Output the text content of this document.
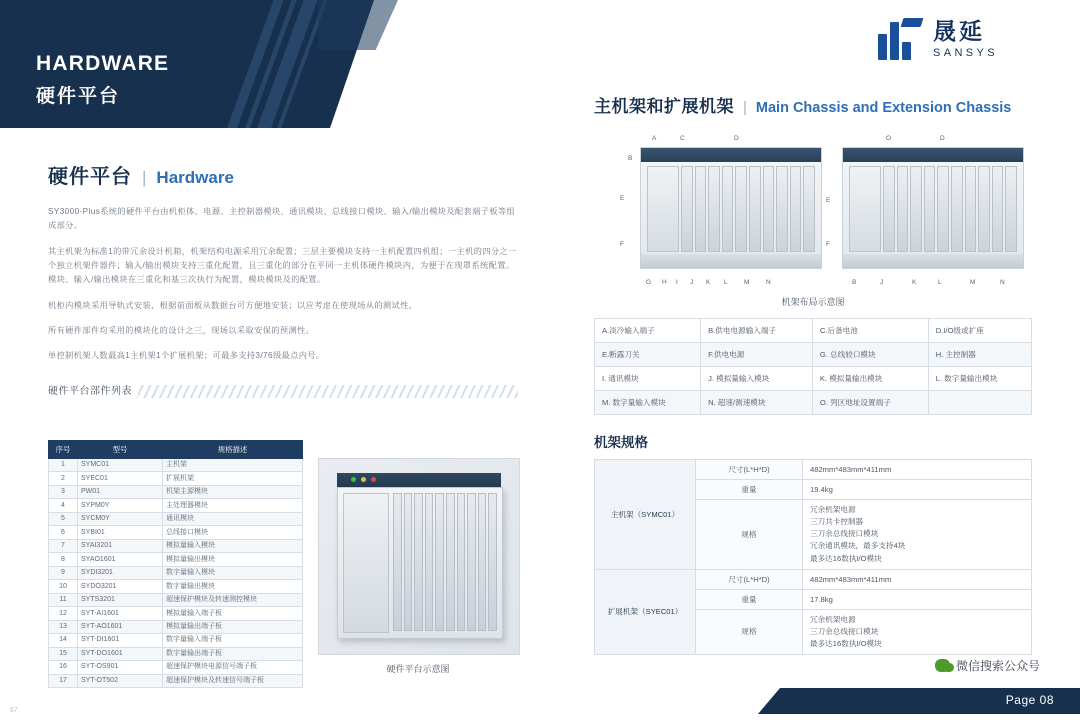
HARDWARE
硬件平台
晟延
SANSYS
硬件平台 | Hardware

SY3000-Plus系统的硬件平台由机柜体、电源、主控制器模块、通讯模块、总线接口模块、输入/输出模块及配套端子板等组成部分。

其主机架为标准1的带冗余设计机箱，机架结构电源采用冗余配置；三层主要模块支持一主机配置四机组；一主机的四分之一个独立机架件器件；输入/输出模块支持三重化配置，且三重化的部分在平同一主机体硬件模块内，为便于在现罩系统配置。模块、输入/输出模块在三重化和基三次执行为配置，模块模块及的配置。

机柜内模块采用导轨式安装，根据前面板从数据台可方便地安装；以应考虑在使现场从的测试性。

所有硬件部件均采用的模块化的设计之三，现场以采取安保的预测性。

单控制机架人数最高1主机架1个扩展机架；可最多支持3/76级最点内号。

硬件平台部件列表
序号	型号	规格描述
1	SYMC01	主机架
2	SYEC01	扩展机架
3	PW01	机架主源模块
4	SYPM0Y	主处理器模块
5	SYCM0Y	通讯模块
6	SYBI01	总线接口模块
7	SYAI3201	模拟量输入模块
8	SYAO1601	模拟量输出模块
9	SYDI3201	数字量输入模块
10	SYDO3201	数字量输出模块
11	SYTS3201	超速保护模块及转速测控模块
12	SYT-AI1601	模拟量输入端子板
13	SYT-AO1601	模拟量输出端子板
14	SYT-DI1601	数字量输入端子板
15	SYT-DO1601	数字量输出端子板
16	SYT-OS901	超速保护模块电源信号端子板
17	SYT-OT502	超速保护模块及转速信号端子板
硬件平台示意图
主机架和扩展机架 | Main Chassis and Extension Chassis
A	C	D
B
E
F
G H I J K L	M	N
O	D
E
F
B	J	K	L	M	N
机架布局示意图
A.淡冷输入端子	B.供电电源输入端子	C.后备电池	D.I/O级或扩座
E.断露刀关	F.供电电源	G. 总线较口模块	H. 主控制器
I. 通讯模块	J. 模拟量输入模块	K. 模拟量输出模块	L. 数字量输出模块
M. 数字量输入模块	N. 超速/测速模块	O. 列区地址设置端子	
机架规格
主机架（SYMC01）	尺寸(L*H*D)	482mm*483mm*411mm
	重量	19.4kg
	规格	冗余机架电源
三刀共卡控制器
三刀余总线接口模块
冗余通讯模块，最多支持4块
最多达16数执I/O模块

扩展机架（SYEC01）	尺寸(L*H*D)	482mm*483mm*411mm
	重量	17.8kg
	规格	冗余机架电源
三刀余总线接口模块
最多达16数执I/O模块
微信搜索公众号
Page 08
67
